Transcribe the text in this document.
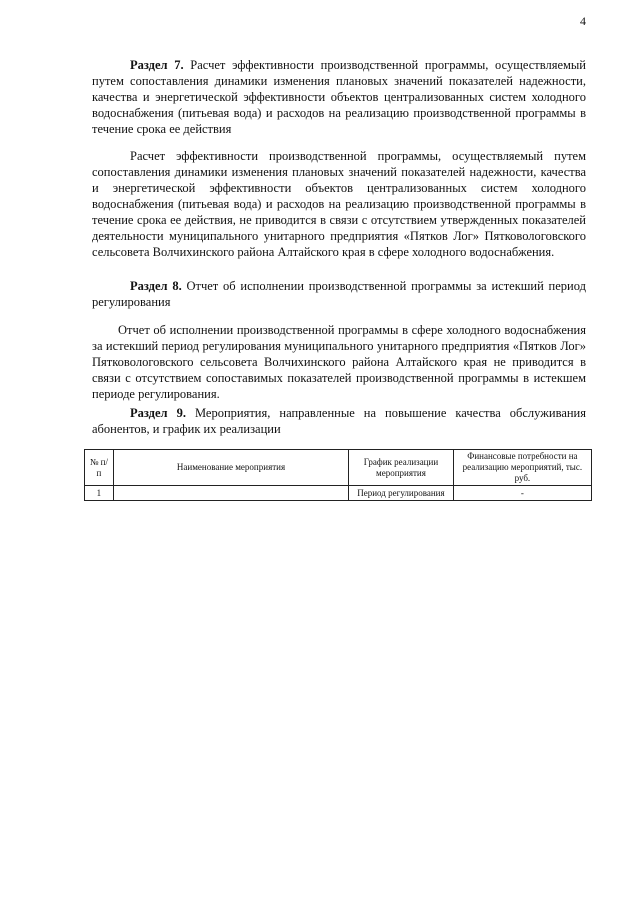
4
Раздел 7. Расчет эффективности производственной программы, осуществляемый путем сопоставления динамики изменения плановых значений показателей надежности, качества и энергетической эффективности объектов централизованных систем холодного водоснабжения (питьевая вода) и расходов на реализацию производственной программы в течение срока ее действия
Расчет эффективности производственной программы, осуществляемый путем сопоставления динамики изменения плановых значений показателей надежности, качества и энергетической эффективности объектов централизованных систем холодного водоснабжения (питьевая вода) и расходов на реализацию производственной программы в течение срока ее действия, не приводится в связи с отсутствием утвержденных показателей деятельности муниципального унитарного предприятия «Пятков Лог» Пятковологовского сельсовета Волчихинского района Алтайского края в сфере холодного водоснабжения.
Раздел 8. Отчет об исполнении производственной программы за истекший период регулирования
Отчет об исполнении производственной программы в сфере холодного водоснабжения за истекший период регулирования муниципального унитарного предприятия «Пятков Лог» Пятковологовского сельсовета Волчихинского района Алтайского края не приводится в связи с отсутствием сопоставимых показателей производственной программы в истекшем периоде регулирования.
Раздел 9. Мероприятия, направленные на повышение качества обслуживания абонентов, и график их реализации
№ п/п	Наименование мероприятия	График реализации мероприятия	Финансовые потребности на реализацию мероприятий, тыс. руб.
1		Период регулирования	-
